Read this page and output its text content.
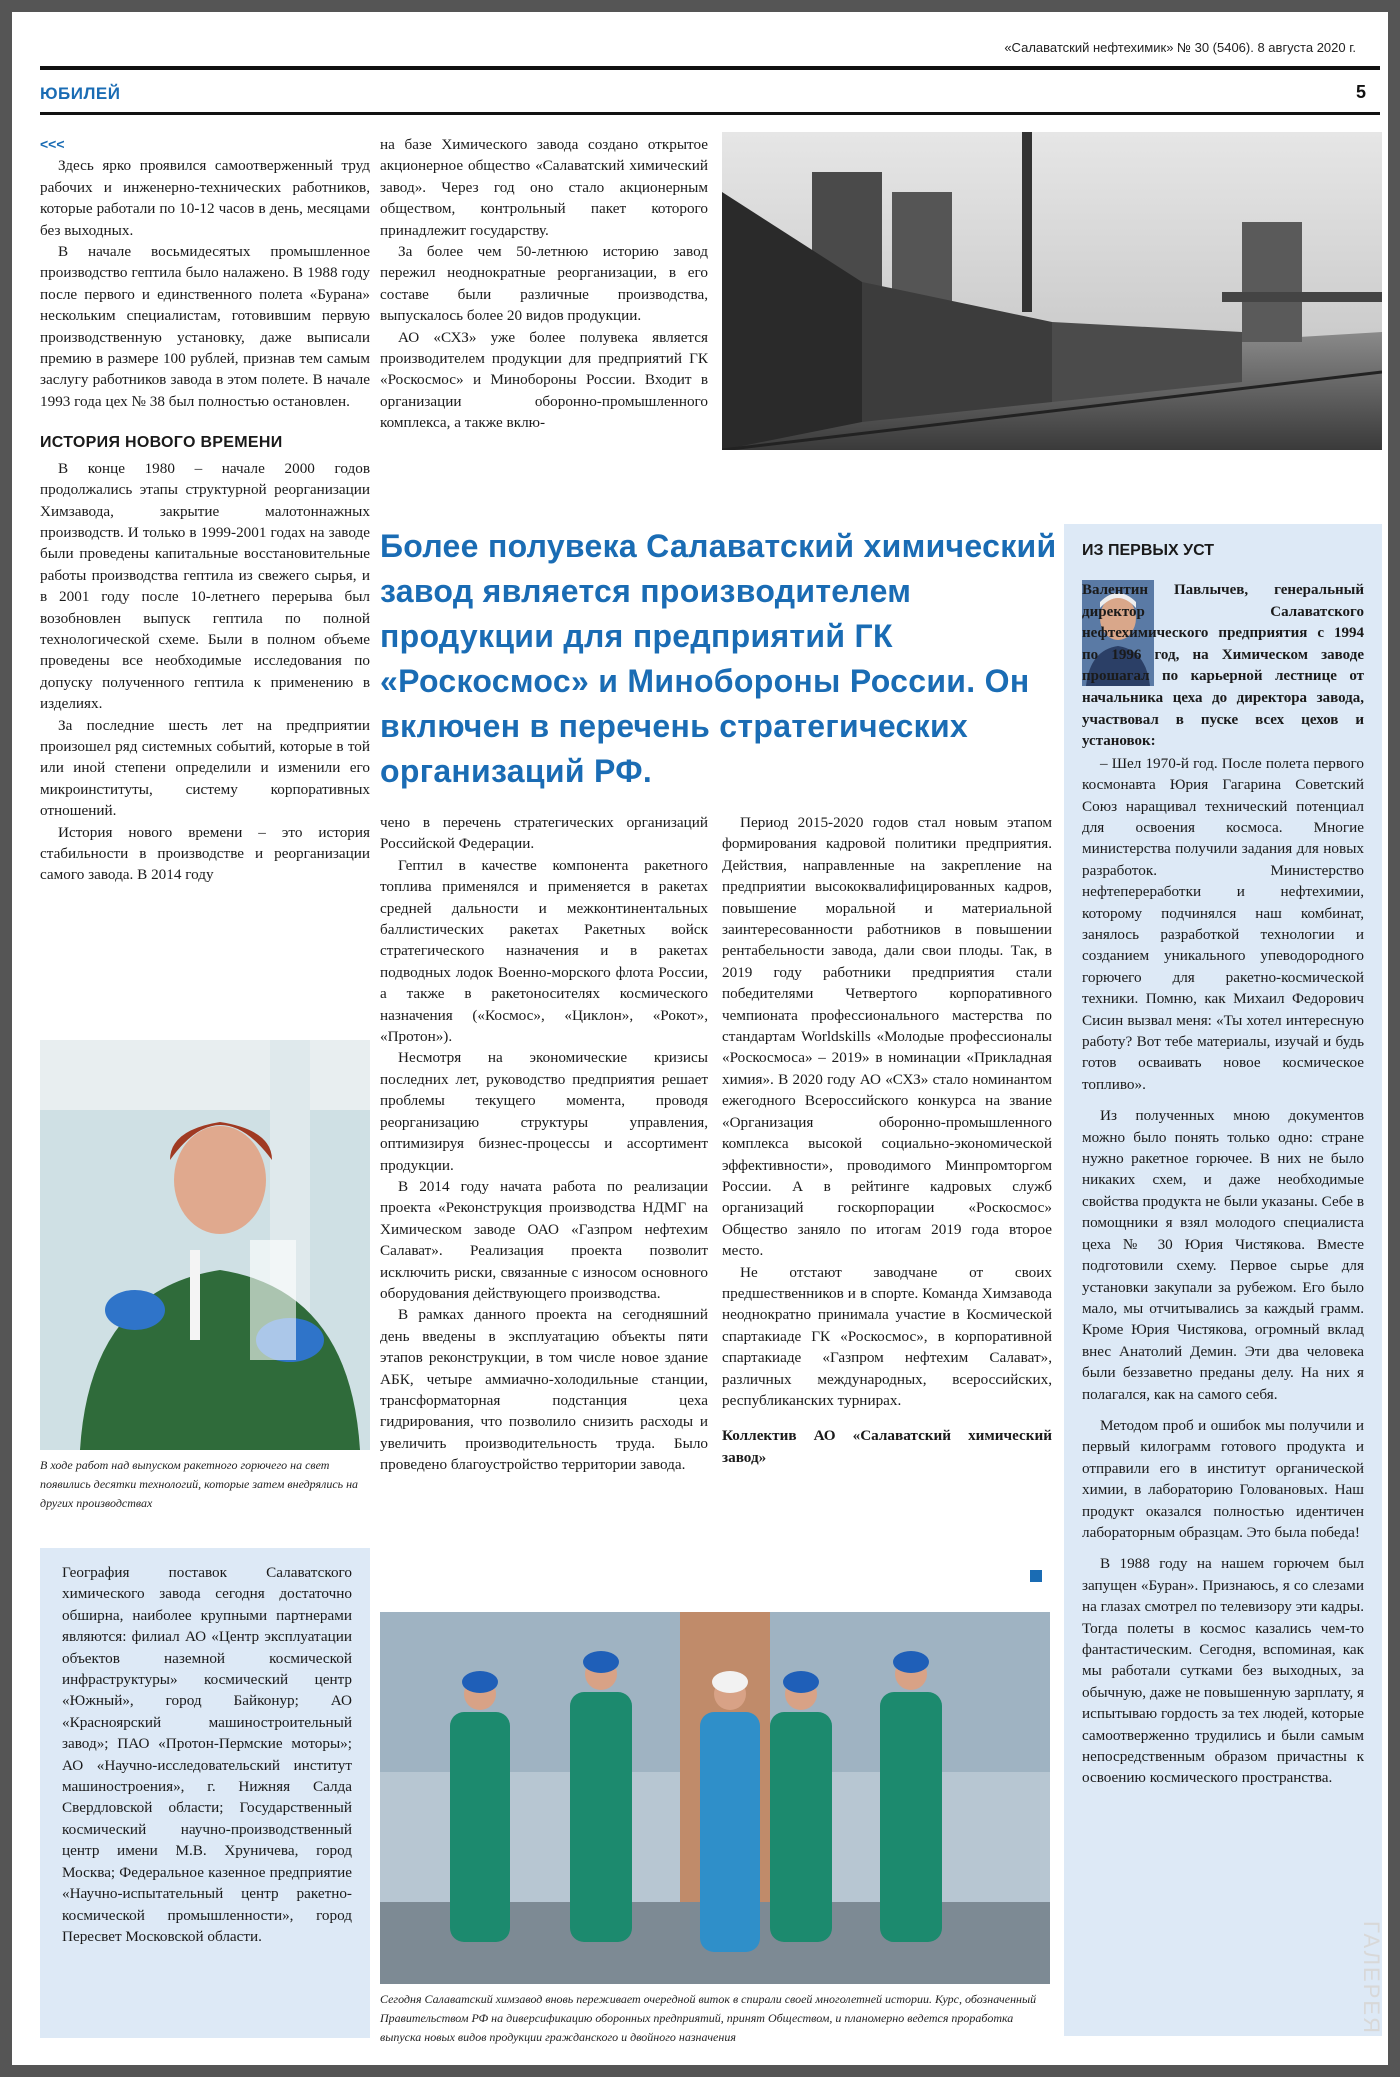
«Салаватский нефтехимик» № 30 (5406). 8 августа 2020 г.
ЮБИЛЕЙ	5
<<<

Здесь ярко проявился самоотверженный труд рабочих и инженерно-технических работников, которые работали по 10-12 часов в день, месяцами без выходных.

В начале восьмидесятых промышленное производство гептила было налажено. В 1988 году после первого и единственного полета «Бурана» нескольким специалистам, готовившим первую производственную установку, даже выписали премию в размере 100 рублей, признав тем самым заслугу работников завода в этом полете. В начале 1993 года цех № 38 был полностью остановлен.

ИСТОРИЯ НОВОГО ВРЕМЕНИ

В конце 1980 – начале 2000 годов продолжались этапы структурной реорганизации Химзавода, закрытие малотоннажных производств. И только в 1999-2001 годах на заводе были проведены капитальные восстановительные работы производства гептила из свежего сырья, и в 2001 году после 10-летнего перерыва был возобновлен выпуск гептила по полной технологической схеме. Были в полном объеме проведены все необходимые исследования по допуску полученного гептила к применению в изделиях.

За последние шесть лет на предприятии произошел ряд системных событий, которые в той или иной степени определили и изменили его микроинституты, систему корпоративных отношений.

История нового времени – это история стабильности в производстве и реорганизации самого завода. В 2014 году

на базе Химического завода создано открытое акционерное общество «Салаватский химический завод». Через год оно стало акционерным обществом, контрольный пакет которого принадлежит государству.

За более чем 50-летнюю историю завод пережил неоднократные реорганизации, в его составе были различные производства, выпускалось более 20 видов продукции.

АО «СХЗ» уже более полувека является производителем продукции для предприятий ГК «Роскосмос» и Минобороны России. Входит в организации оборонно-промышленного комплекса, а также вклю-

Более полувека Салаватский химический завод является производителем продукции для предприятий ГК «Роскосмос» и Минобороны России. Он включен в перечень стратегических организаций РФ.
ИЗ ПЕРВЫХ УСТ

Валентин Павлычев, генеральный директор Салаватского нефтехимического предприятия с 1994 по 1996 год, на Химическом заводе прошагал по карьерной лестнице от начальника цеха до директора завода, участвовал в пуске всех цехов и установок:

– Шел 1970-й год. После полета первого космонавта Юрия Гагарина Советский Союз наращивал технический потенциал для освоения космоса. Многие министерства получили задания для новых разработок. Министерство нефтепереработки и нефтехимии, которому подчинялся наш комбинат, занялось разработкой технологии и созданием уникального упеводородного горючего для ракетно-космической техники. Помню, как Михаил Федорович Сисин вызвал меня: «Ты хотел интересную работу? Вот тебе материалы, изучай и будь готов осваивать новое космическое топливо».

Из полученных мною документов можно было понять только одно: стране нужно ракетное горючее. В них не было никаких схем, и даже необходимые свойства продукта не были указаны. Себе в помощники я взял молодого специалиста цеха № 30 Юрия Чистякова. Вместе подготовили схему. Первое сырье для установки закупали за рубежом. Его было мало, мы отчитывались за каждый грамм. Кроме Юрия Чистякова, огромный вклад внес Анатолий Демин. Эти два человека были беззаветно преданы делу. На них я полагался, как на самого себя.

Методом проб и ошибок мы получили и первый килограмм готового продукта и отправили его в институт органической химии, в лабораторию Головановых. Наш продукт оказался полностью идентичен лабораторным образцам. Это была победа!

В 1988 году на нашем горючем был запущен «Буран». Признаюсь, я со слезами на глазах смотрел по телевизору эти кадры. Тогда полеты в космос казались чем-то фантастическим. Сегодня, вспоминая, как мы работали сутками без выходных, за обычную, даже не повышенную зарплату, я испытываю гордость за тех людей, которые самоотверженно трудились и были самым непосредственным образом причастны к освоению космического пространства.

В ходе работ над выпуском ракетного горючего на свет появились десятки технологий, которые затем внедрялись на других производствах

География поставок Салаватского химического завода сегодня достаточно обширна, наиболее крупными партнерами являются: филиал АО «Центр эксплуатации объектов наземной космической инфраструктуры» космический центр «Южный», город Байконур; АО «Красноярский машиностроительный завод»; ПАО «Протон-Пермские моторы»; АО «Научно-исследовательский институт машиностроения», г. Нижняя Салда Свердловской области; Государственный космический научно-производственный центр имени М.В. Хруничева, город Москва; Федеральное казенное предприятие «Научно-испытательный центр ракетно-космической промышленности», город Пересвет Московской области.

чено в перечень стратегических организаций Российской Федерации.

Гептил в качестве компонента ракетного топлива применялся и применяется в ракетах средней дальности и межконтинентальных баллистических ракетах Ракетных войск стратегического назначения и в ракетах подводных лодок Военно-морского флота России, а также в ракетоносителях космического назначения («Космос», «Циклон», «Рокот», «Протон»).

Несмотря на экономические кризисы последних лет, руководство предприятия решает проблемы текущего момента, проводя реорганизацию структуры управления, оптимизируя бизнес-процессы и ассортимент продукции.

В 2014 году начата работа по реализации проекта «Реконструкция производства НДМГ на Химическом заводе ОАО «Газпром нефтехим Салават». Реализация проекта позволит исключить риски, связанные с износом основного оборудования действующего производства.

В рамках данного проекта на сегодняшний день введены в эксплуатацию объекты пяти этапов реконструкции, в том числе новое здание АБК, четыре аммиачно-холодильные станции, трансформаторная подстанция цеха гидрирования, что позволило снизить расходы и увеличить производительность труда. Было проведено благоустройство территории завода.

Период 2015-2020 годов стал новым этапом формирования кадровой политики предприятия. Действия, направленные на закрепление на предприятии высококвалифицированных кадров, повышение моральной и материальной заинтересованности работников в повышении рентабельности завода, дали свои плоды. Так, в 2019 году работники предприятия стали победителями Четвертого корпоративного чемпионата профессионального мастерства по стандартам Worldskills «Молодые профессионалы «Роскосмоса» – 2019» в номинации «Прикладная химия». В 2020 году АО «СХЗ» стало номинантом ежегодного Всероссийского конкурса на звание «Организация оборонно-промышленного комплекса высокой социально-экономической эффективности», проводимого Минпромторгом России. А в рейтинге кадровых служб организаций госкорпорации «Роскосмос» Общество заняло по итогам 2019 года второе место.

Не отстают заводчане от своих предшественников и в спорте. Команда Химзавода неоднократно принимала участие в Космической спартакиаде ГК «Роскосмос», в корпоративной спартакиаде «Газпром нефтехим Салават», различных международных, всероссийских, республиканских турнирах.

Коллектив АО «Салаватский химический завод»

Сегодня Салаватский химзавод вновь переживает очередной виток в спирали своей многолетней истории. Курс, обозначенный Правительством РФ на диверсификацию оборонных предприятий, принят Обществом, и планомерно ведется проработка выпуска новых видов продукции гражданского и двойного назначения
ГАЛЕРЕЯ
